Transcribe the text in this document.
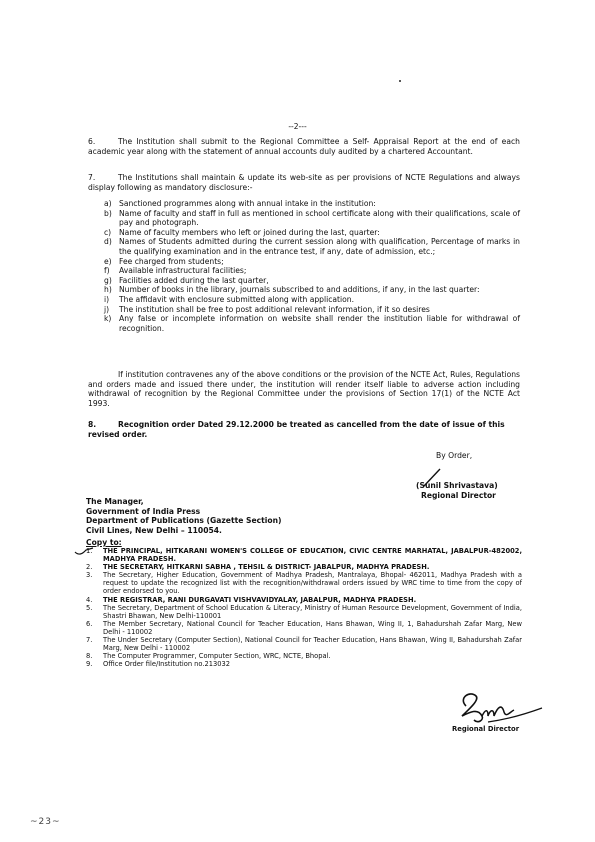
--2---
6.	The Institution shall submit to the Regional Committee a Self- Appraisal Report at the end of each academic year along with the statement of annual accounts duly audited by a chartered Accountant.
7.	The Institutions shall maintain & update its web-site as per provisions of NCTE Regulations and always display following as mandatory disclosure:-
a) Sanctioned programmes along with annual intake in the institution:
b) Name of faculty and staff in full as mentioned in school certificate along with their qualifications, scale of pay and photograph.
c) Name of faculty members who left or joined during the last, quarter:
d) Names of Students admitted during the current session along with qualification, Percentage of marks in the qualifying examination and in the entrance test, if any, date of admission, etc.;
e) Fee charged from students;
f) Available infrastructural facilities;
g) Facilities added during the last quarter,
h) Number of books in the library, journals subscribed to and additions, if any, in the last quarter:
i) The affidavit with enclosure submitted along with application.
j) The institution shall be free to post additional relevant information, if it so desires
k) Any false or incomplete information on website shall render the institution liable for withdrawal of recognition.
If institution contravenes any of the above conditions or the provision of the NCTE Act, Rules, Regulations and orders made and issued there under, the institution will render itself liable to adverse action including withdrawal of recognition by the Regional Committee under the provisions of Section 17(1) of the NCTE Act 1993.
8.	Recognition order Dated 29.12.2000 be treated as cancelled from the date of issue of this revised order.
By Order,
(Sunil Shrivastava)
Regional Director
The Manager,
Government of India Press
Department of Publications (Gazette Section)
Civil Lines, New Delhi – 110054.
Copy to:
1. THE PRINCIPAL, HITKARANI WOMEN'S COLLEGE OF EDUCATION, CIVIC CENTRE MARHATAL, JABALPUR-482002, MADHYA PRADESH.
2. THE SECRETARY, HITKARNI SABHA , TEHSIL & DISTRICT- JABALPUR, MADHYA PRADESH.
3. The Secretary, Higher Education, Government of Madhya Pradesh, Mantralaya, Bhopal- 462011, Madhya Pradesh with a request to update the recognized list with the recognition/withdrawal orders issued by WRC time to time from the copy of order endorsed to you.
4. THE REGISTRAR, RANI DURGAVATI VISHVAVIDYALAY, JABALPUR, MADHYA PRADESH.
5. The Secretary, Department of School Education & Literacy, Ministry of Human Resource Development, Government of India, Shastri Bhawan, New Delhi-110001
6. The Member Secretary, National Council for Teacher Education, Hans Bhawan, Wing II, 1, Bahadurshah Zafar Marg, New Delhi - 110002
7. The Under Secretary (Computer Section), National Council for Teacher Education, Hans Bhawan, Wing II, Bahadurshah Zafar Marg, New Delhi - 110002
8. The Computer Programmer, Computer Section, WRC, NCTE, Bhopal.
9. Office Order file/Institution no.213032
Regional Director
~23~
